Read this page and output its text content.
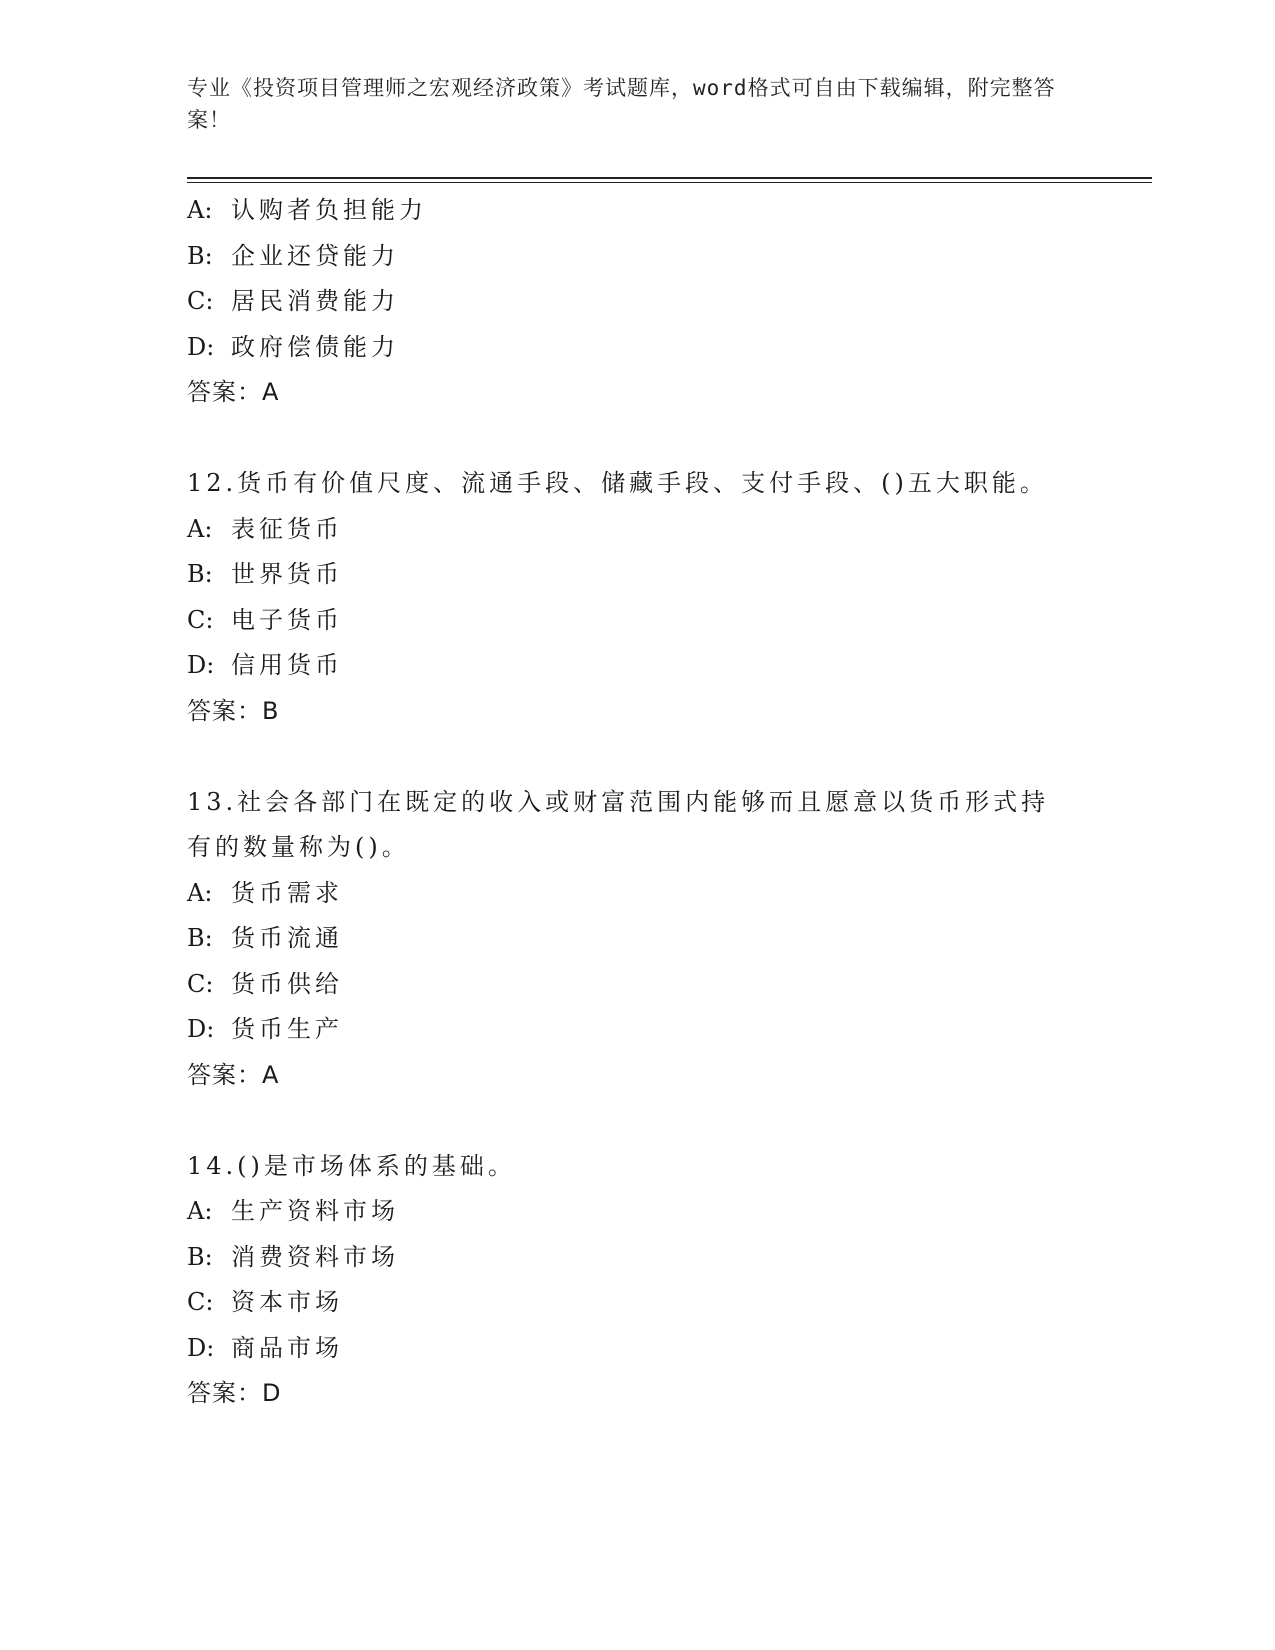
专业《投资项目管理师之宏观经济政策》考试题库，word格式可自由下载编辑，附完整答案！
A: 认购者负担能力
B: 企业还贷能力
C: 居民消费能力
D: 政府偿债能力
答案：A
12.货币有价值尺度、流通手段、储藏手段、支付手段、()五大职能。
A: 表征货币
B: 世界货币
C: 电子货币
D: 信用货币
答案：B
13.社会各部门在既定的收入或财富范围内能够而且愿意以货币形式持有的数量称为()。
A: 货币需求
B: 货币流通
C: 货币供给
D: 货币生产
答案：A
14.()是市场体系的基础。
A: 生产资料市场
B: 消费资料市场
C: 资本市场
D: 商品市场
答案：D
